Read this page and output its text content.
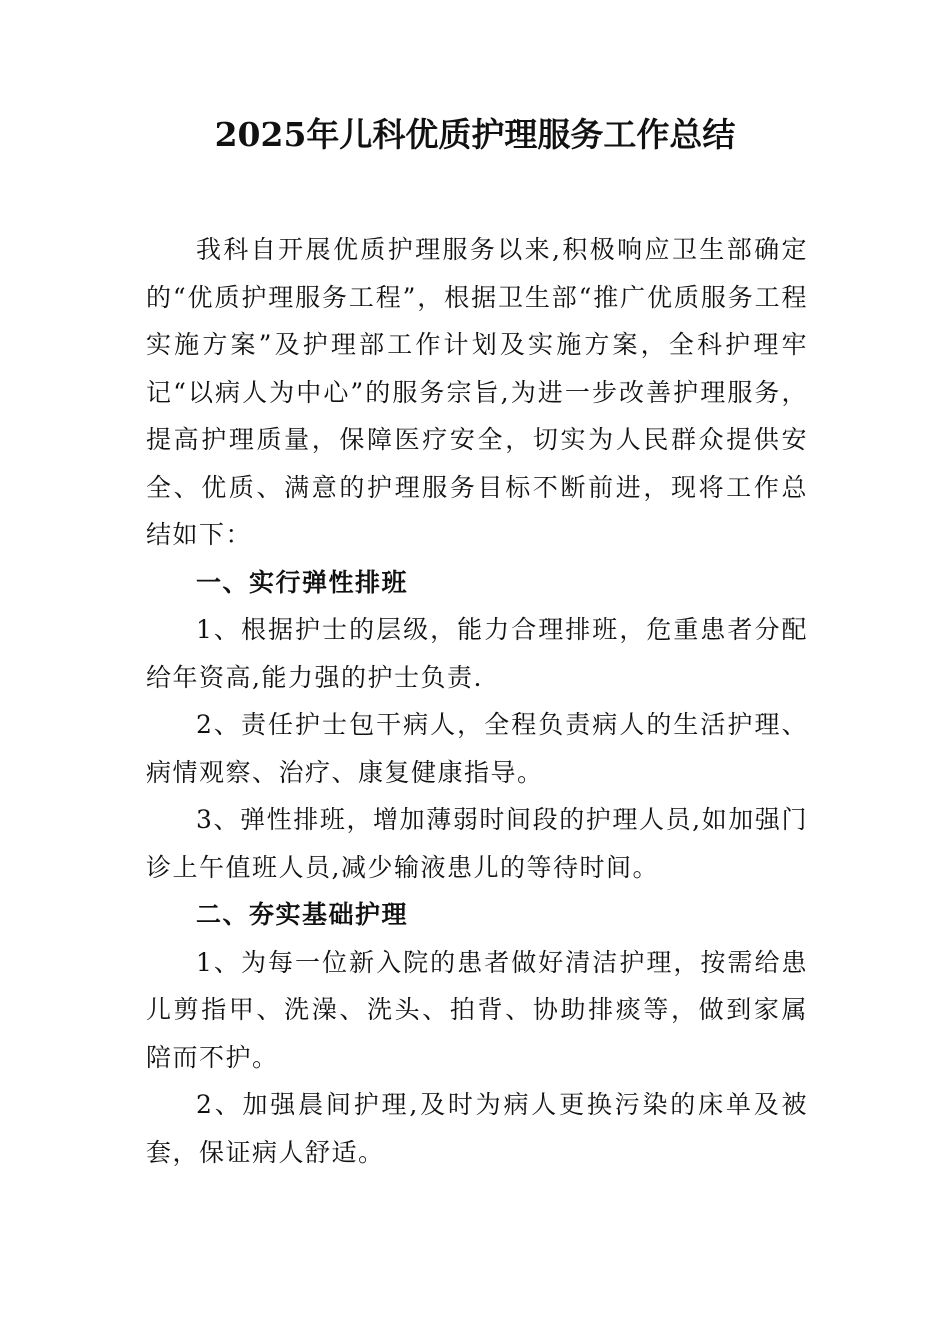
2025年儿科优质护理服务工作总结

我科自开展优质护理服务以来,积极响应卫生部确定的“优质护理服务工程”，根据卫生部“推广优质服务工程实施方案”及护理部工作计划及实施方案，全科护理牢记“以病人为中心”的服务宗旨,为进一步改善护理服务，提高护理质量，保障医疗安全，切实为人民群众提供安全、优质、满意的护理服务目标不断前进，现将工作总结如下：

一、实行弹性排班

1、根据护士的层级，能力合理排班，危重患者分配给年资高,能力强的护士负责.

2、责任护士包干病人，全程负责病人的生活护理、病情观察、治疗、康复健康指导。

3、弹性排班，增加薄弱时间段的护理人员,如加强门诊上午值班人员,减少输液患儿的等待时间。

二、夯实基础护理

1、为每一位新入院的患者做好清洁护理，按需给患儿剪指甲、洗澡、洗头、拍背、协助排痰等，做到家属陪而不护。

2、加强晨间护理,及时为病人更换污染的床单及被套，保证病人舒适。
